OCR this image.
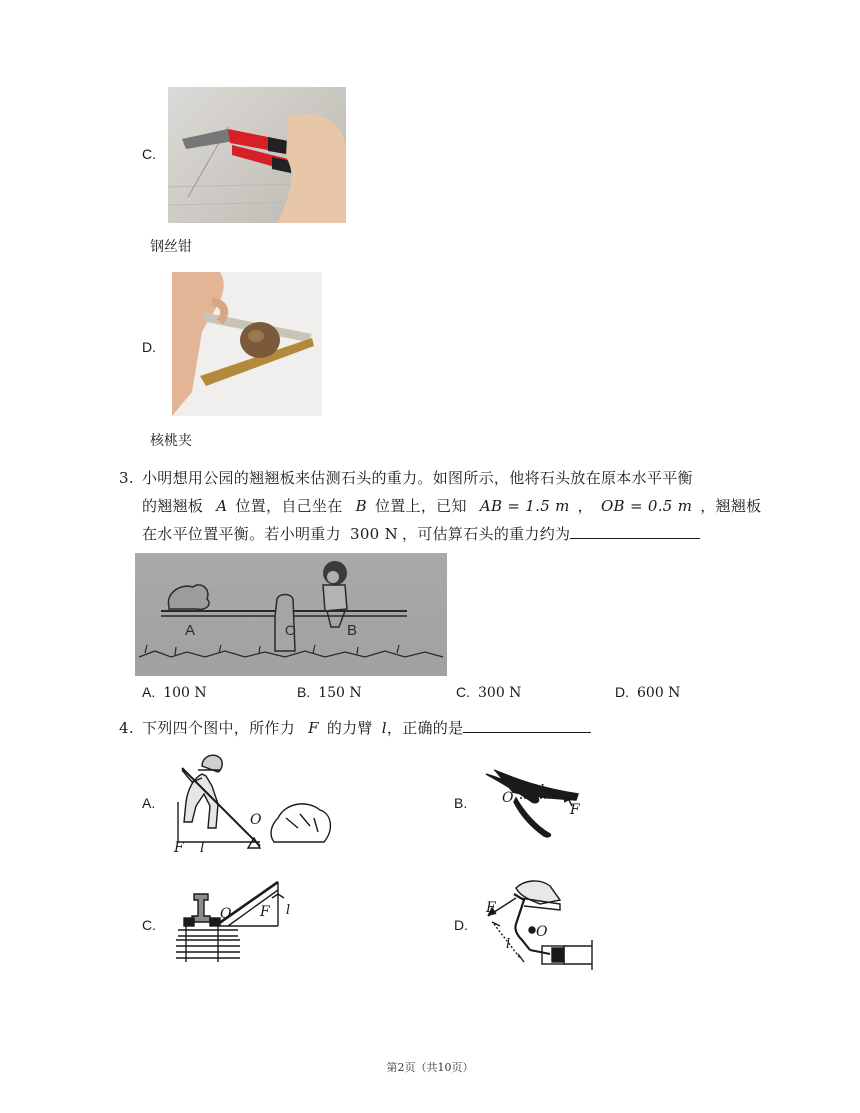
C.
钢丝钳
D.
核桃夹
3. 小明想用公园的翘翘板来估测石头的重力。如图所示，他将石头放在原本水平平衡
的翘翘板 A 位置，自己坐在 B 位置上，已知 AB = 1.5 m ， OB = 0.5 m ，翘翘板
在水平位置平衡。若小明重力 300 N ，可估算石头的重力约为
A	O	B
A. 100 N	B. 150 N	C. 300 N	D. 600 N
4. 下列四个图中，所作力 F 的力臂 l，正确的是
A.
O
F l
B. O l
F
C.
O F l
D.
F
O
l
第2页（共10页）
